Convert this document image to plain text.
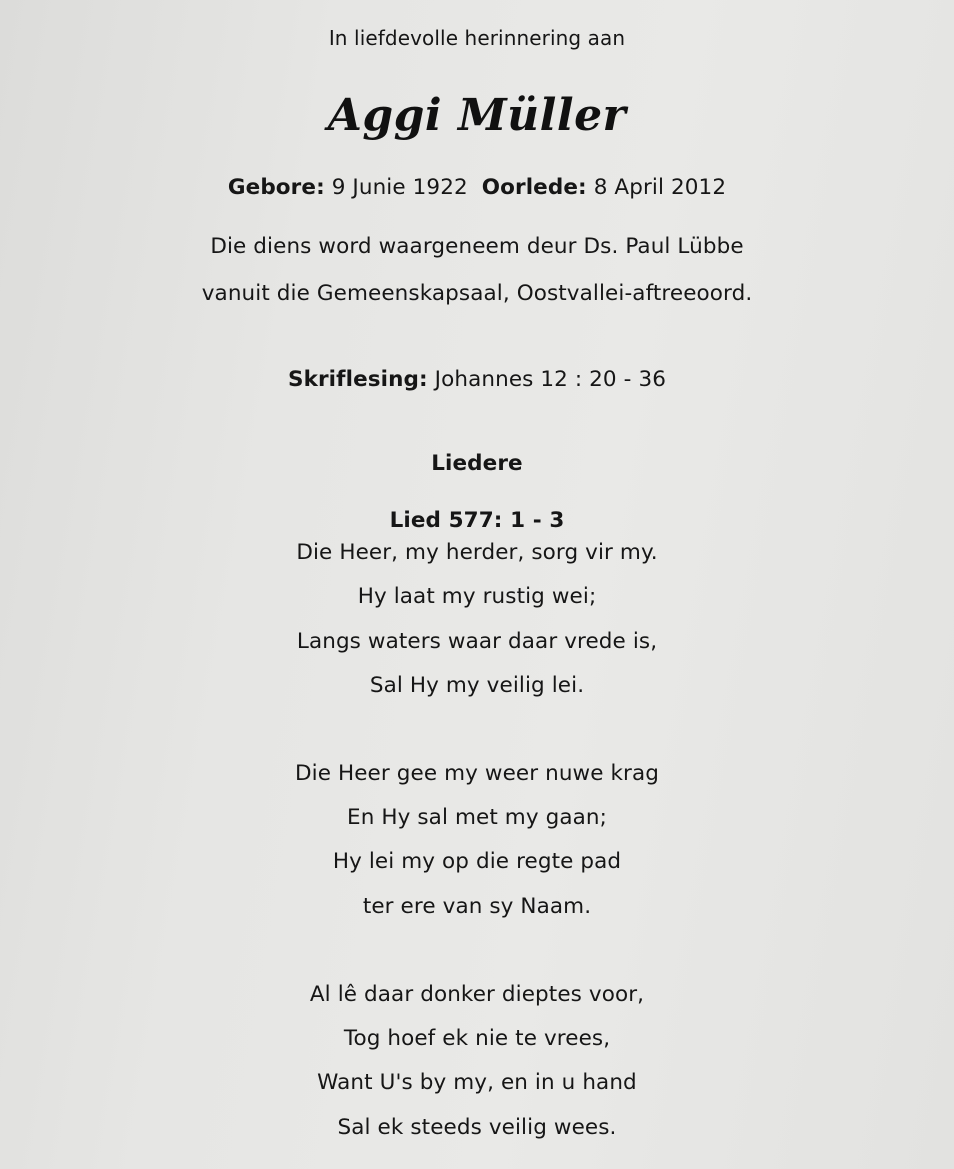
In liefdevolle herinnering aan
Aggi Müller
Gebore: 9 Junie 1922 Oorlede: 8 April 2012
Die diens word waargeneem deur Ds. Paul Lübbe
vanuit die Gemeenskapsaal, Oostvallei-aftreeoord.
Skriflesing: Johannes 12 : 20 - 36
Liedere
Lied 577: 1 - 3
Die Heer, my herder, sorg vir my.
Hy laat my rustig wei;
Langs waters waar daar vrede is,
Sal Hy my veilig lei.
Die Heer gee my weer nuwe krag
En Hy sal met my gaan;
Hy lei my op die regte pad
ter ere van sy Naam.
Al lê daar donker dieptes voor,
Tog hoef ek nie te vrees,
Want U's by my, en in u hand
Sal ek steeds veilig wees.
